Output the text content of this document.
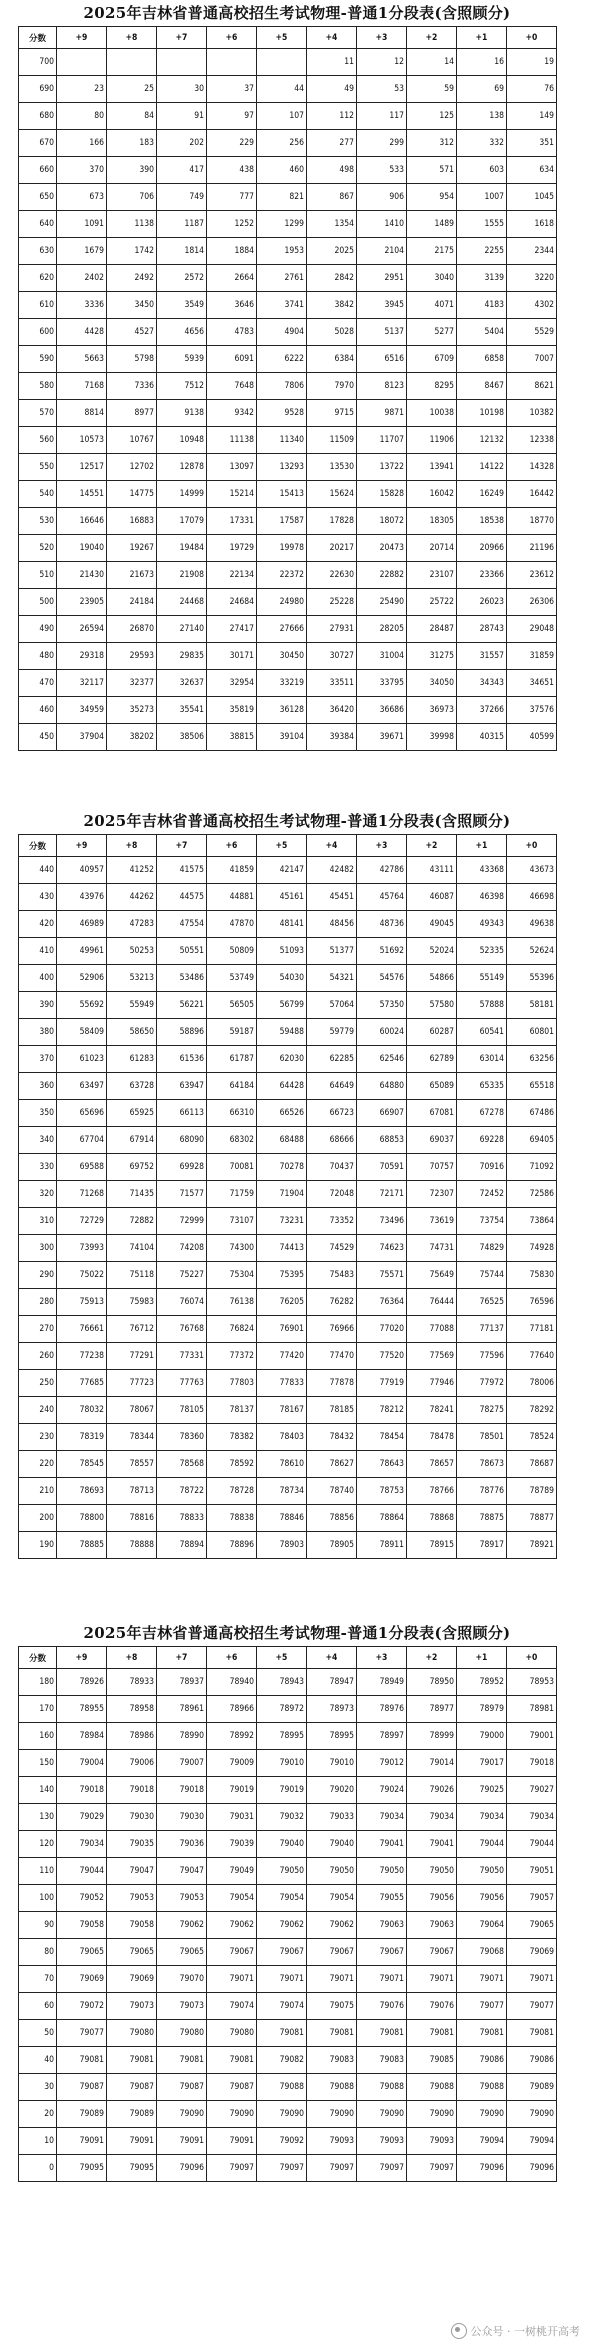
2025年吉林省普通高校招生考试物理-普通1分段表(含照顾分)
分数	+9	+8	+7	+6	+5	+4	+3	+2	+1	+0
700						11	12	14	16	19
690	23	25	30	37	44	49	53	59	69	76
680	80	84	91	97	107	112	117	125	138	149
670	166	183	202	229	256	277	299	312	332	351
660	370	390	417	438	460	498	533	571	603	634
650	673	706	749	777	821	867	906	954	1007	1045
640	1091	1138	1187	1252	1299	1354	1410	1489	1555	1618
630	1679	1742	1814	1884	1953	2025	2104	2175	2255	2344
620	2402	2492	2572	2664	2761	2842	2951	3040	3139	3220
610	3336	3450	3549	3646	3741	3842	3945	4071	4183	4302
600	4428	4527	4656	4783	4904	5028	5137	5277	5404	5529
590	5663	5798	5939	6091	6222	6384	6516	6709	6858	7007
580	7168	7336	7512	7648	7806	7970	8123	8295	8467	8621
570	8814	8977	9138	9342	9528	9715	9871	10038	10198	10382
560	10573	10767	10948	11138	11340	11509	11707	11906	12132	12338
550	12517	12702	12878	13097	13293	13530	13722	13941	14122	14328
540	14551	14775	14999	15214	15413	15624	15828	16042	16249	16442
530	16646	16883	17079	17331	17587	17828	18072	18305	18538	18770
520	19040	19267	19484	19729	19978	20217	20473	20714	20966	21196
510	21430	21673	21908	22134	22372	22630	22882	23107	23366	23612
500	23905	24184	24468	24684	24980	25228	25490	25722	26023	26306
490	26594	26870	27140	27417	27666	27931	28205	28487	28743	29048
480	29318	29593	29835	30171	30450	30727	31004	31275	31557	31859
470	32117	32377	32637	32954	33219	33511	33795	34050	34343	34651
460	34959	35273	35541	35819	36128	36420	36686	36973	37266	37576
450	37904	38202	38506	38815	39104	39384	39671	39998	40315	40599
2025年吉林省普通高校招生考试物理-普通1分段表(含照顾分)
分数	+9	+8	+7	+6	+5	+4	+3	+2	+1	+0
440	40957	41252	41575	41859	42147	42482	42786	43111	43368	43673
430	43976	44262	44575	44881	45161	45451	45764	46087	46398	46698
420	46989	47283	47554	47870	48141	48456	48736	49045	49343	49638
410	49961	50253	50551	50809	51093	51377	51692	52024	52335	52624
400	52906	53213	53486	53749	54030	54321	54576	54866	55149	55396
390	55692	55949	56221	56505	56799	57064	57350	57580	57888	58181
380	58409	58650	58896	59187	59488	59779	60024	60287	60541	60801
370	61023	61283	61536	61787	62030	62285	62546	62789	63014	63256
360	63497	63728	63947	64184	64428	64649	64880	65089	65335	65518
350	65696	65925	66113	66310	66526	66723	66907	67081	67278	67486
340	67704	67914	68090	68302	68488	68666	68853	69037	69228	69405
330	69588	69752	69928	70081	70278	70437	70591	70757	70916	71092
320	71268	71435	71577	71759	71904	72048	72171	72307	72452	72586
310	72729	72882	72999	73107	73231	73352	73496	73619	73754	73864
300	73993	74104	74208	74300	74413	74529	74623	74731	74829	74928
290	75022	75118	75227	75304	75395	75483	75571	75649	75744	75830
280	75913	75983	76074	76138	76205	76282	76364	76444	76525	76596
270	76661	76712	76768	76824	76901	76966	77020	77088	77137	77181
260	77238	77291	77331	77372	77420	77470	77520	77569	77596	77640
250	77685	77723	77763	77803	77833	77878	77919	77946	77972	78006
240	78032	78067	78105	78137	78167	78185	78212	78241	78275	78292
230	78319	78344	78360	78382	78403	78432	78454	78478	78501	78524
220	78545	78557	78568	78592	78610	78627	78643	78657	78673	78687
210	78693	78713	78722	78728	78734	78740	78753	78766	78776	78789
200	78800	78816	78833	78838	78846	78856	78864	78868	78875	78877
190	78885	78888	78894	78896	78903	78905	78911	78915	78917	78921
2025年吉林省普通高校招生考试物理-普通1分段表(含照顾分)
分数	+9	+8	+7	+6	+5	+4	+3	+2	+1	+0
180	78926	78933	78937	78940	78943	78947	78949	78950	78952	78953
170	78955	78958	78961	78966	78972	78973	78976	78977	78979	78981
160	78984	78986	78990	78992	78995	78995	78997	78999	79000	79001
150	79004	79006	79007	79009	79010	79010	79012	79014	79017	79018
140	79018	79018	79018	79019	79019	79020	79024	79026	79025	79027
130	79029	79030	79030	79031	79032	79033	79034	79034	79034	79034
120	79034	79035	79036	79039	79040	79040	79041	79041	79044	79044
110	79044	79047	79047	79049	79050	79050	79050	79050	79050	79051
100	79052	79053	79053	79054	79054	79054	79055	79056	79056	79057
90	79058	79058	79062	79062	79062	79062	79063	79063	79064	79065
80	79065	79065	79065	79067	79067	79067	79067	79067	79068	79069
70	79069	79069	79070	79071	79071	79071	79071	79071	79071	79071
60	79072	79073	79073	79074	79074	79075	79076	79076	79077	79077
50	79077	79080	79080	79080	79081	79081	79081	79081	79081	79081
40	79081	79081	79081	79081	79082	79083	79083	79085	79086	79086
30	79087	79087	79087	79087	79088	79088	79088	79088	79088	79089
20	79089	79089	79090	79090	79090	79090	79090	79090	79090	79090
10	79091	79091	79091	79091	79092	79093	79093	79093	79094	79094
0	79095	79095	79096	79097	79097	79097	79097	79097	79096	79096
公众号 · 一树桃开高考
